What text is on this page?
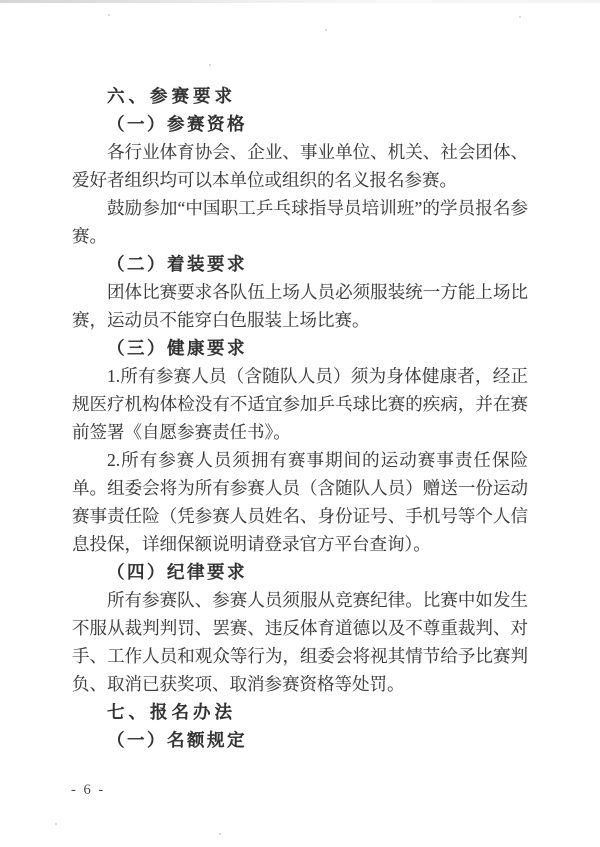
六、参赛要求
（一）参赛资格

各行业体育协会、企业、事业单位、机关、社会团体、爱好者组织均可以本单位或组织的名义报名参赛。

鼓励参加“中国职工乒乓球指导员培训班”的学员报名参赛。

（二）着装要求

团体比赛要求各队伍上场人员必须服装统一方能上场比赛，运动员不能穿白色服装上场比赛。

（三）健康要求

1.所有参赛人员（含随队人员）须为身体健康者，经正规医疗机构体检没有不适宜参加乒乓球比赛的疾病，并在赛前签署《自愿参赛责任书》。

2.所有参赛人员须拥有赛事期间的运动赛事责任保险单。组委会将为所有参赛人员（含随队人员）赠送一份运动赛事责任险（凭参赛人员姓名、身份证号、手机号等个人信息投保，详细保额说明请登录官方平台查询）。

（四）纪律要求

所有参赛队、参赛人员须服从竞赛纪律。比赛中如发生不服从裁判判罚、罢赛、违反体育道德以及不尊重裁判、对手、工作人员和观众等行为，组委会将视其情节给予比赛判负、取消已获奖项、取消参赛资格等处罚。

七、报名办法
（一）名额规定
- 6 -
